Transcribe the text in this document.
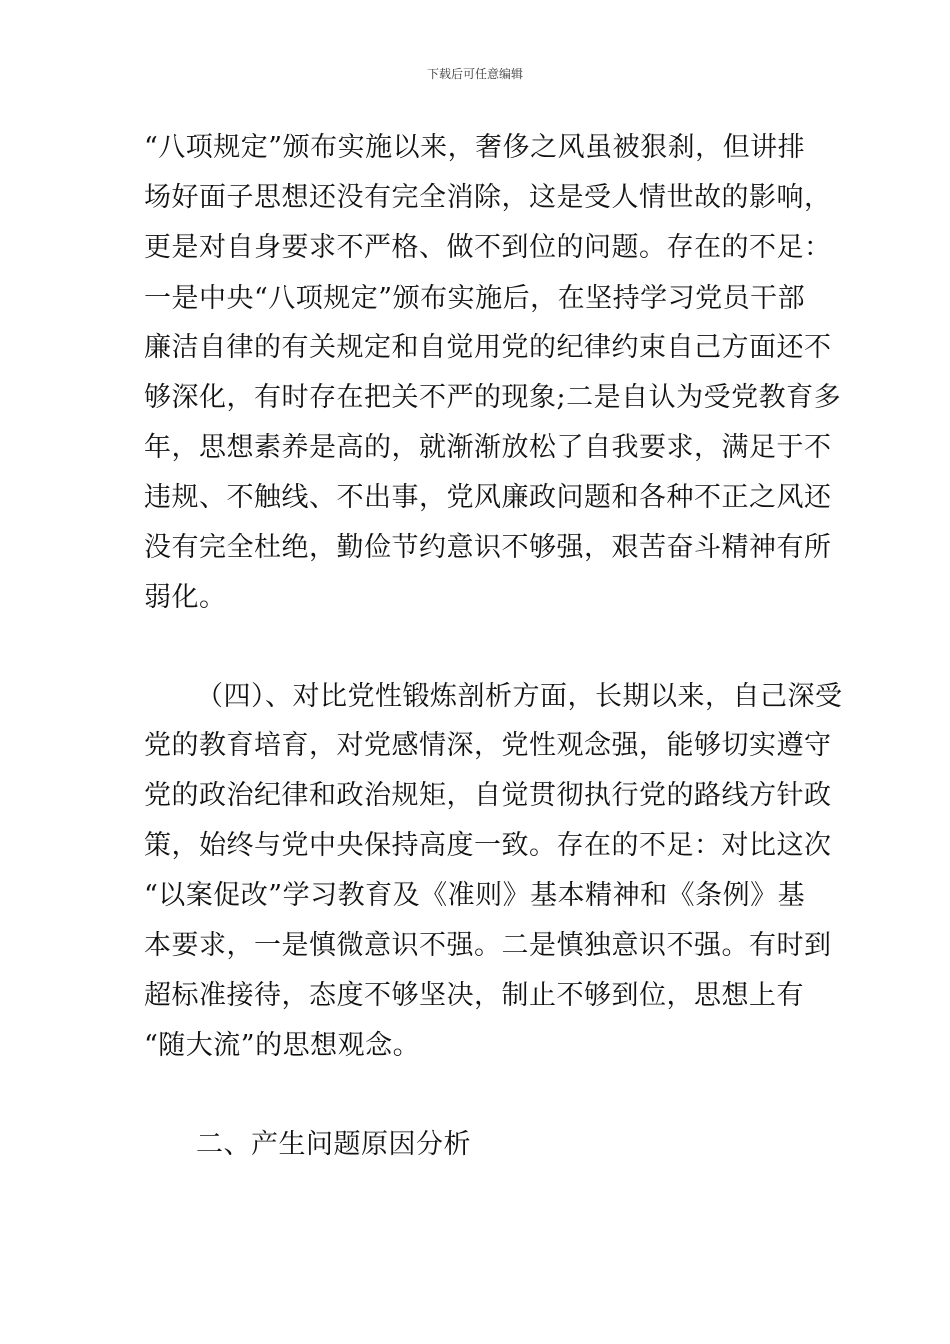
下载后可任意编辑
“八项规定”颁布实施以来，奢侈之风虽被狠刹，但讲排
场好面子思想还没有完全消除，这是受人情世故的影响，
更是对自身要求不严格、做不到位的问题。存在的不足：
一是中央“八项规定”颁布实施后，在坚持学习党员干部
廉洁自律的有关规定和自觉用党的纪律约束自己方面还不
够深化，有时存在把关不严的现象;二是自认为受党教育多
年，思想素养是高的，就渐渐放松了自我要求，满足于不
违规、不触线、不出事，党风廉政问题和各种不正之风还
没有完全杜绝，勤俭节约意识不够强，艰苦奋斗精神有所
弱化。
（四）、对比党性锻炼剖析方面，长期以来，自己深受
党的教育培育，对党感情深，党性观念强，能够切实遵守
党的政治纪律和政治规矩，自觉贯彻执行党的路线方针政
策，始终与党中央保持高度一致。存在的不足：对比这次
“以案促改”学习教育及《准则》基本精神和《条例》基
本要求，一是慎微意识不强。二是慎独意识不强。有时到
超标准接待，态度不够坚决，制止不够到位，思想上有
“随大流”的思想观念。
二、产生问题原因分析
